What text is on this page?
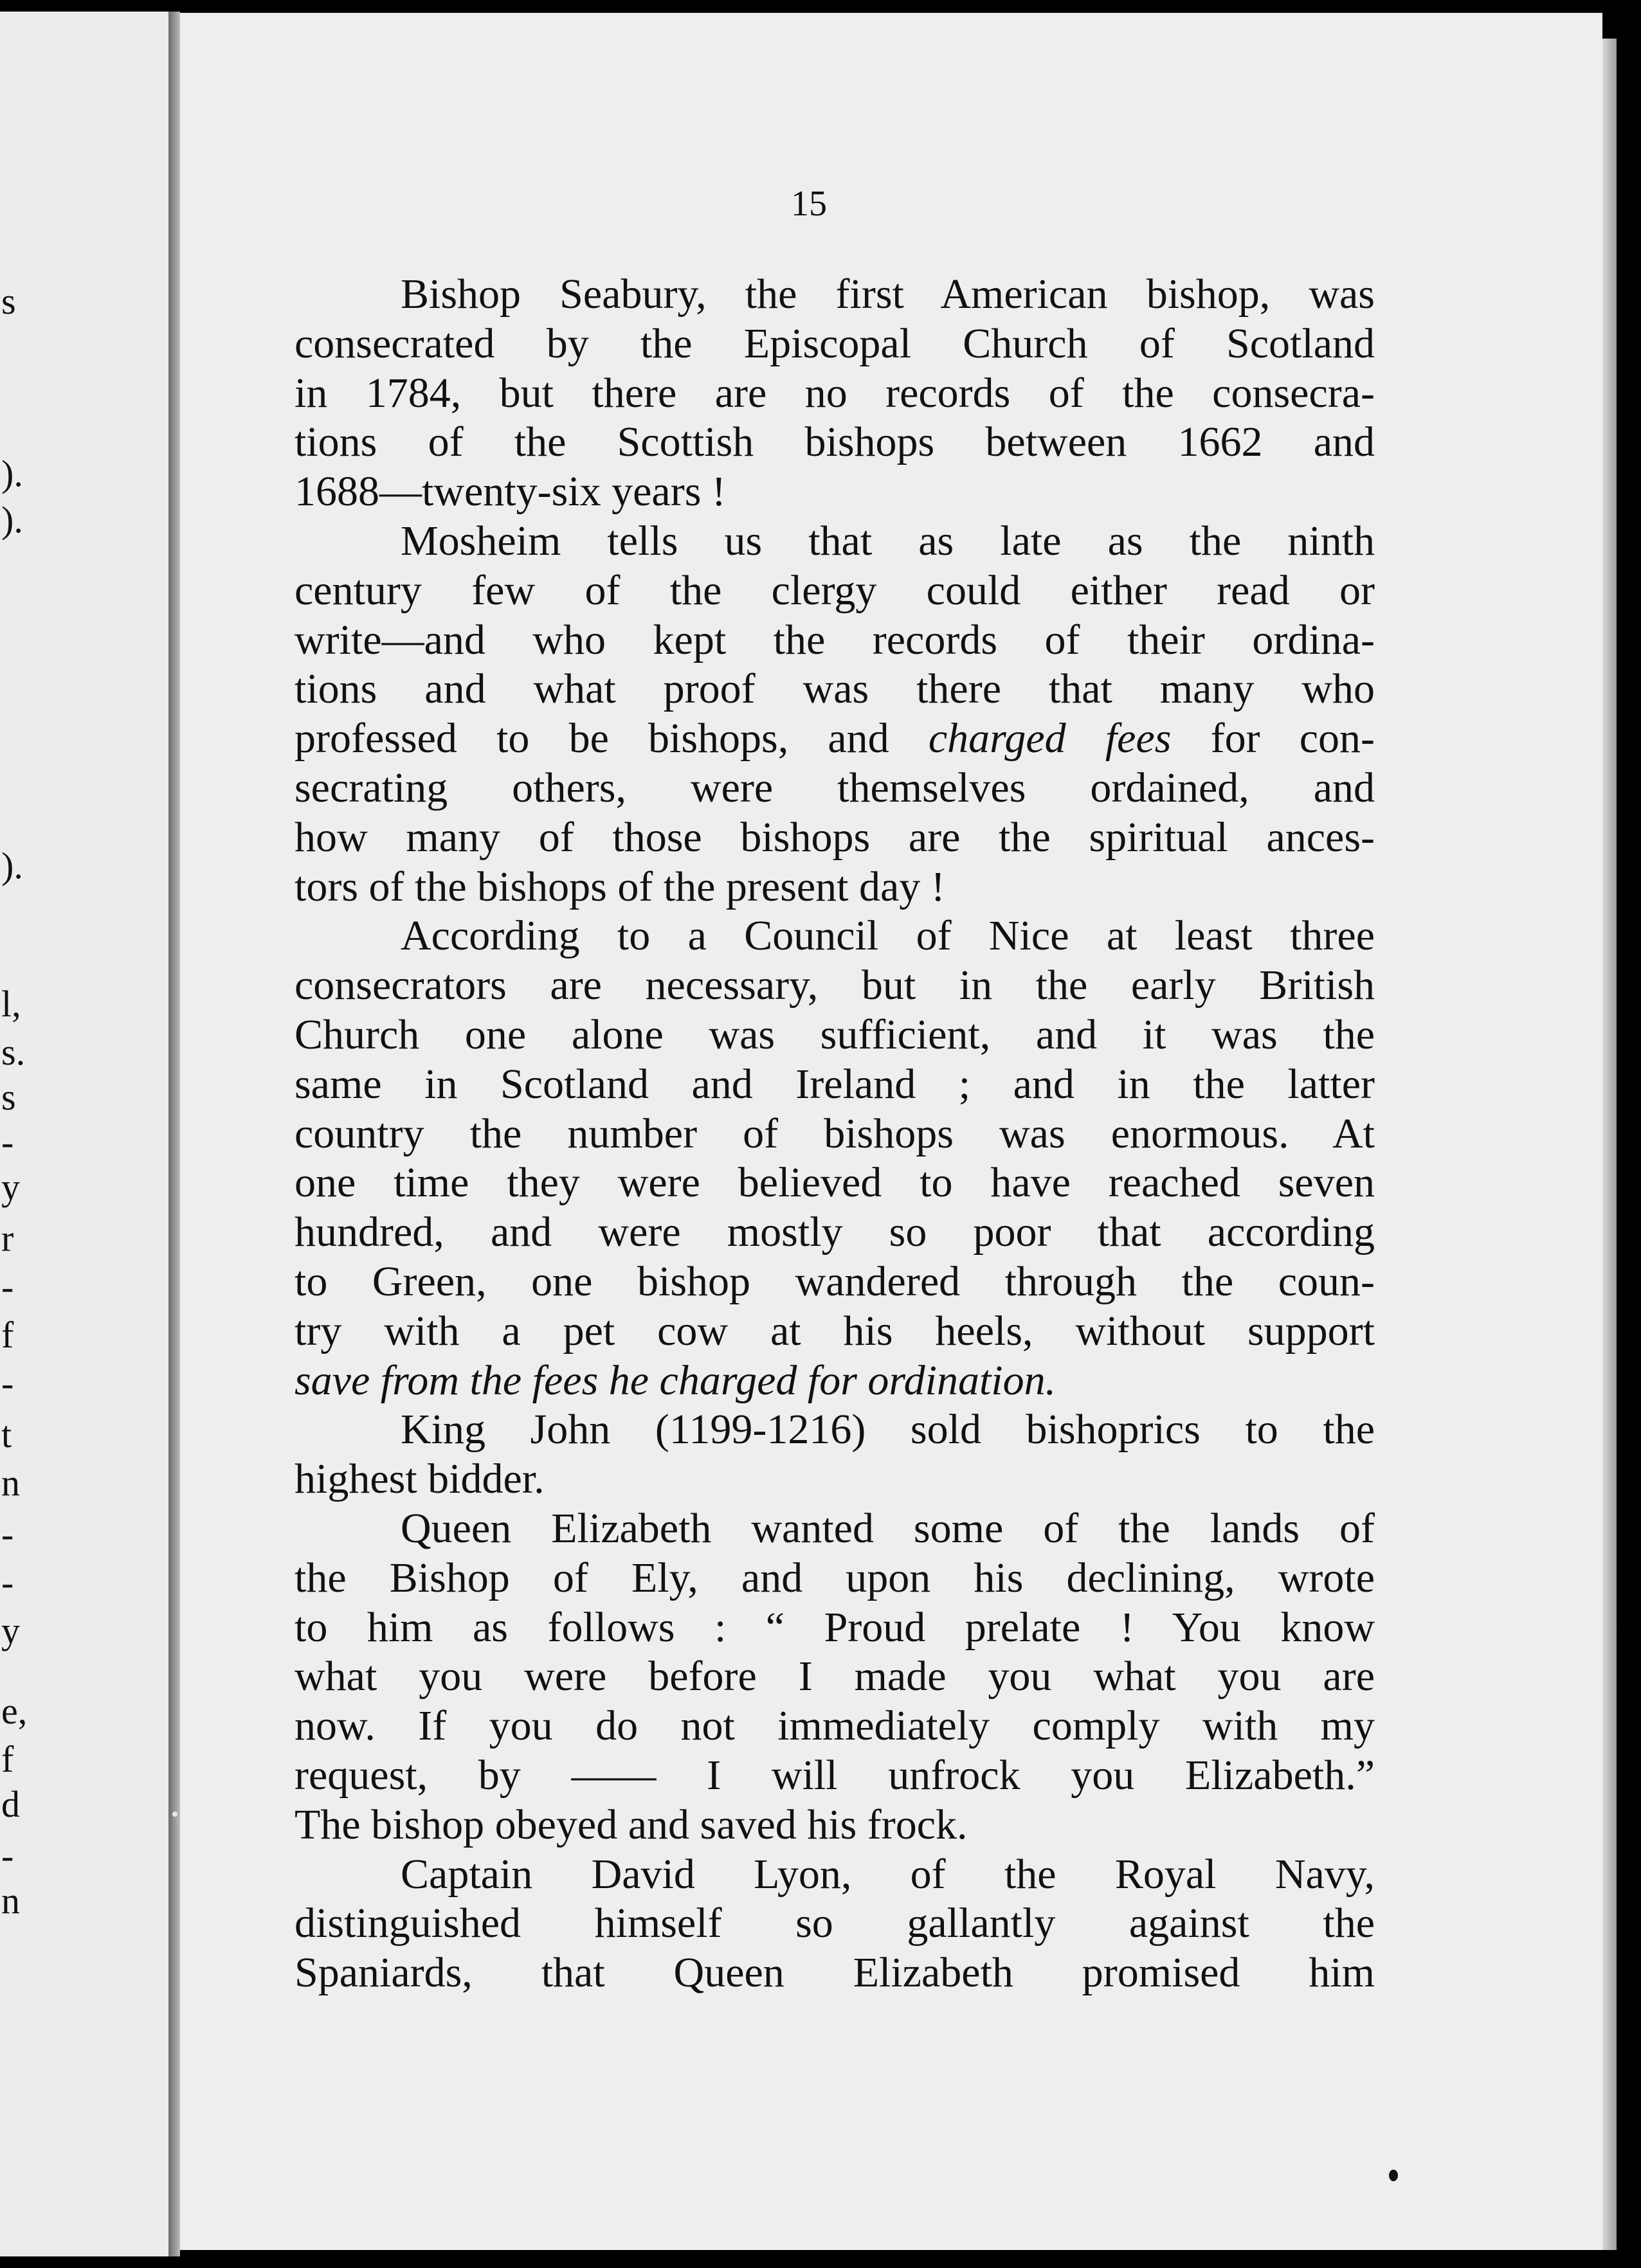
s
).
).
).
l,
s.
s
-
y
r
-
f
-
t
n
-
-
y
e,
f
d
-
n
15
Bishop Seabury, the first American bishop, was
consecrated by the Episcopal Church of Scotland
in 1784, but there are no records of the consecra-
tions of the Scottish bishops between 1662 and
1688—twenty-six years !
Mosheim tells us that as late as the ninth
century few of the clergy could either read or
write—and who kept the records of their ordina-
tions and what proof was there that many who
professed to be bishops, and charged fees for con-
secrating others, were themselves ordained, and
how many of those bishops are the spiritual ances-
tors of the bishops of the present day !
According to a Council of Nice at least three
consecrators are necessary, but in the early British
Church one alone was sufficient, and it was the
same in Scotland and Ireland ; and in the latter
country the number of bishops was enormous. At
one time they were believed to have reached seven
hundred, and were mostly so poor that according
to Green, one bishop wandered through the coun-
try with a pet cow at his heels, without support
save from the fees he charged for ordination.
King John (1199-1216) sold bishoprics to the
highest bidder.
Queen Elizabeth wanted some of the lands of
the Bishop of Ely, and upon his declining, wrote
to him as follows : “ Proud prelate ! You know
what you were before I made you what you are
now. If you do not immediately comply with my
request, by —— I will unfrock you Elizabeth.”
The bishop obeyed and saved his frock.
Captain David Lyon, of the Royal Navy,
distinguished himself so gallantly against the
Spaniards, that Queen Elizabeth promised him
